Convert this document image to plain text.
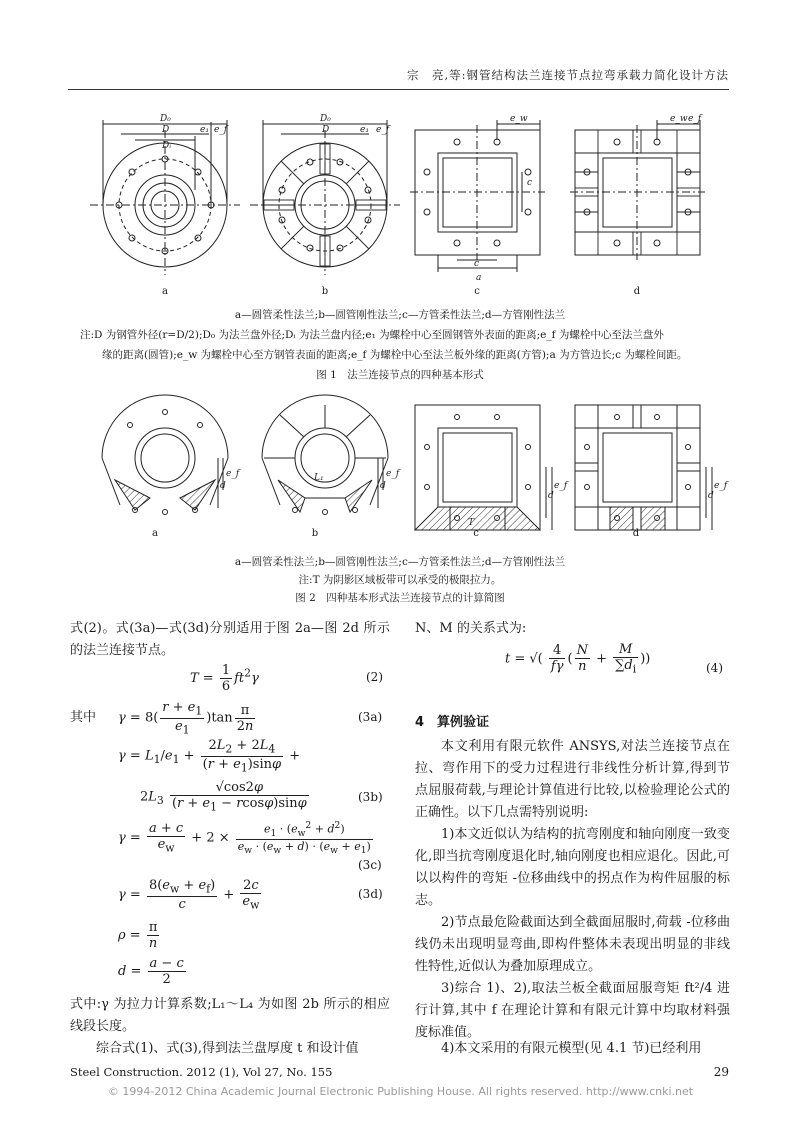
宗　亮,等:钢管结构法兰连接节点拉弯承载力简化设计方法
D₀
D
Dᵢ
e₁ e_f
D₀
D	e₁ e_f
e_w
c
c
a
e_w e_f
a	b	c	d
a—圆管柔性法兰;b—圆管刚性法兰;c—方管柔性法兰;d—方管刚性法兰
注:D 为钢管外径(r=D/2);D₀ 为法兰盘外径;Dᵢ 为法兰盘内径;e₁ 为螺栓中心至圆钢管外表面的距离;e_f 为螺栓中心至法兰盘外
缘的距离(圆管);e_w 为螺栓中心至方钢管表面的距离;e_f 为螺栓中心至法兰板外缘的距离(方管);a 为方管边长;c 为螺栓间距。
图 1　法兰连接节点的四种基本形式
d
e_f	L₁
d
e_f
T
d
e_f
d
e_f
a	b	c	d
a—圆管柔性法兰;b—圆管刚性法兰;c—方管柔性法兰;d—方管刚性法兰
注:T 为阴影区域板带可以承受的极限拉力。
图 2　四种基本形式法兰连接节点的计算简图
式(2)。式(3a)—式(3d)分别适用于图 2a—图 2d 所示的法兰连接节点。
$T = \frac{1}{6} ft^2\gamma$	(2)
其中 $\gamma = 8( \frac{r + e_1}{e_1} )\tan \frac{\pi}{2n}$	(3a)
$\gamma = L_1/e_1 + \frac{2L_2 + 2L_4}{(r + e_1)\sin\varphi}$ +
$2L_3 \frac{√\cos 2\varphi}{(r + e_1 - rcos\varphi)\sin\varphi}$	(3b)
$\gamma = \frac{a + c}{e_w} + 2 \times \frac{e_1 \cdot (e_w^2 + d^2)}{e_w \cdot (e_w + d) \cdot (e_w + e_1)}$
(3c)
$\gamma = \frac{8(e_w + e_f)}{c} + \frac{2c}{e_w}$	(3d)
$\rho = \frac{\pi}{n}$
$d = \frac{a - c}{2}$
式中:γ 为拉力计算系数;L₁～L₄ 为如图 2b 所示的相应线段长度。
综合式(1)、式(3),得到法兰盘厚度 t 和设计值
N、M 的关系式为:
t = √( $\frac{4}{f\gamma}$ ( $\frac{N}{n} + \frac{M}{\sum d_i}$ ))
(4)
4　算例验证
本文利用有限元软件 ANSYS,对法兰连接节点在拉、弯作用下的受力过程进行非线性分析计算,得到节点屈服荷载,与理论计算值进行比较,以检验理论公式的正确性。以下几点需特别说明:
1)本文近似认为结构的抗弯刚度和轴向刚度一致变化,即当抗弯刚度退化时,轴向刚度也相应退化。因此,可以以构件的弯矩 -位移曲线中的拐点作为构件屈服的标志。
2)节点最危险截面达到全截面屈服时,荷载 -位移曲线仍未出现明显弯曲,即构件整体未表现出明显的非线性特性,近似认为叠加原理成立。
3)综合 1)、2),取法兰板全截面屈服弯矩 ft²/4 进行计算,其中 f 在理论计算和有限元计算中均取材料强度标准值。
4)本文采用的有限元模型(见 4.1 节)已经利用
Steel Construction. 2012 (1), Vol 27, No. 155	29
© 1994-2012 China Academic Journal Electronic Publishing House. All rights reserved. http://www.cnki.net
